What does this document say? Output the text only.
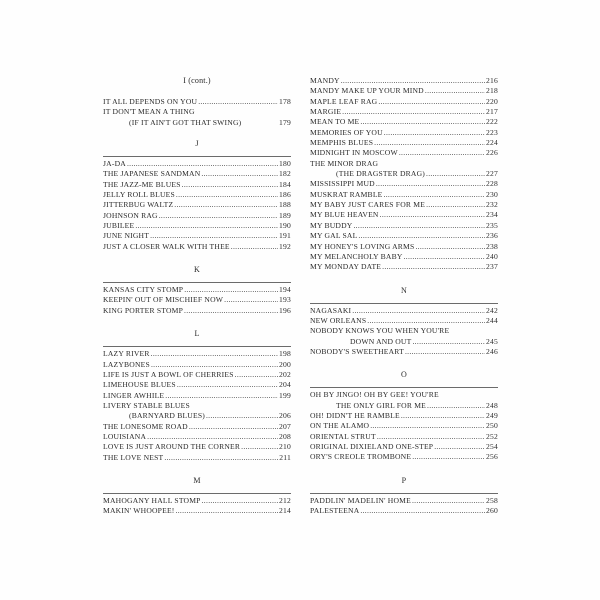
I (cont.)
IT ALL DEPENDS ON YOU .....	178
IT DON'T MEAN A THING
(IF IT AIN'T GOT THAT SWING)	179
J
JA-DA .....	180
THE JAPANESE SANDMAN .....	182
THE JAZZ-ME BLUES .....	184
JELLY ROLL BLUES .....	186
JITTERBUG WALTZ .....	188
JOHNSON RAG .....	189
JUBILEE .....	190
JUNE NIGHT .....	191
JUST A CLOSER WALK WITH THEE .....	192
K
KANSAS CITY STOMP .....	194
KEEPIN' OUT OF MISCHIEF NOW .....	193
KING PORTER STOMP .....	196
L
LAZY RIVER .....	198
LAZYBONES .....	200
LIFE IS JUST A BOWL OF CHERRIES .....	202
LIMEHOUSE BLUES .....	204
LINGER AWHILE .....	199
LIVERY STABLE BLUES
(BARNYARD BLUES) .....	206
THE LONESOME ROAD .....	207
LOUISIANA .....	208
LOVE IS JUST AROUND THE CORNER .....	210
THE LOVE NEST .....	211
M
MAHOGANY HALL STOMP .....	212
MAKIN' WHOOPEE! .....	214
MANDY .....	216
MANDY MAKE UP YOUR MIND .....	218
MAPLE LEAF RAG .....	220
MARGIE .....	217
MEAN TO ME .....	222
MEMORIES OF YOU .....	223
MEMPHIS BLUES .....	224
MIDNIGHT IN MOSCOW .....	226
THE MINOR DRAG
(THE DRAGSTER DRAG) .....	227
MISSISSIPPI MUD .....	228
MUSKRAT RAMBLE .....	230
MY BABY JUST CARES FOR ME .....	232
MY BLUE HEAVEN .....	234
MY BUDDY .....	235
MY GAL SAL .....	236
MY HONEY'S LOVING ARMS .....	238
MY MELANCHOLY BABY .....	240
MY MONDAY DATE .....	237
N
NAGASAKI .....	242
NEW ORLEANS .....	244
NOBODY KNOWS YOU WHEN YOU'RE
DOWN AND OUT .....	245
NOBODY'S SWEETHEART .....	246
O
OH BY JINGO! OH BY GEE! YOU'RE
THE ONLY GIRL FOR ME .....	248
OH! DIDN'T HE RAMBLE .....	249
ON THE ALAMO .....	250
ORIENTAL STRUT .....	252
ORIGINAL DIXIELAND ONE-STEP .....	254
ORY'S CREOLE TROMBONE .....	256
P
PADDLIN' MADELIN' HOME .....	258
PALESTEENA .....	260
